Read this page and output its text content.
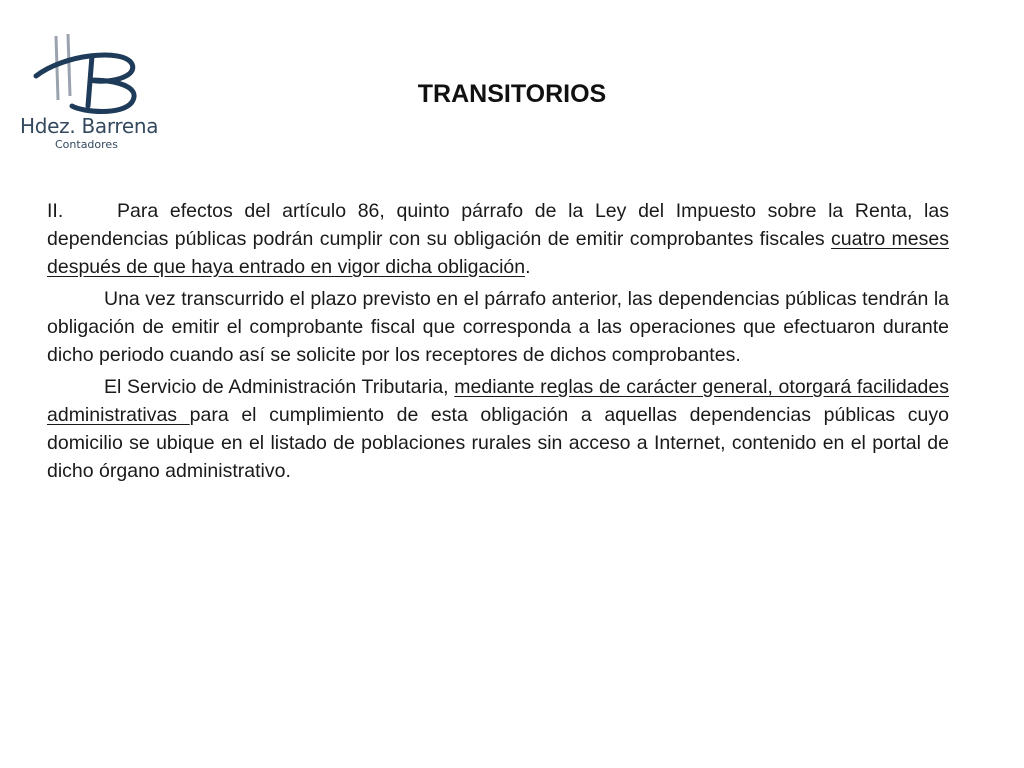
Hdez. Barrena
Contadores
TRANSITORIOS

II.	Para efectos del artículo 86, quinto párrafo de la Ley del Impuesto sobre la Renta, las dependencias públicas podrán cumplir con su obligación de emitir comprobantes fiscales cuatro meses después de que haya entrado en vigor dicha obligación.

Una vez transcurrido el plazo previsto en el párrafo anterior, las dependencias públicas tendrán la obligación de emitir el comprobante fiscal que corresponda a las operaciones que efectuaron durante dicho periodo cuando así se solicite por los receptores de dichos comprobantes.

El Servicio de Administración Tributaria, mediante reglas de carácter general, otorgará facilidades administrativas para el cumplimiento de esta obligación a aquellas dependencias públicas cuyo domicilio se ubique en el listado de poblaciones rurales sin acceso a Internet, contenido en el portal de dicho órgano administrativo.
